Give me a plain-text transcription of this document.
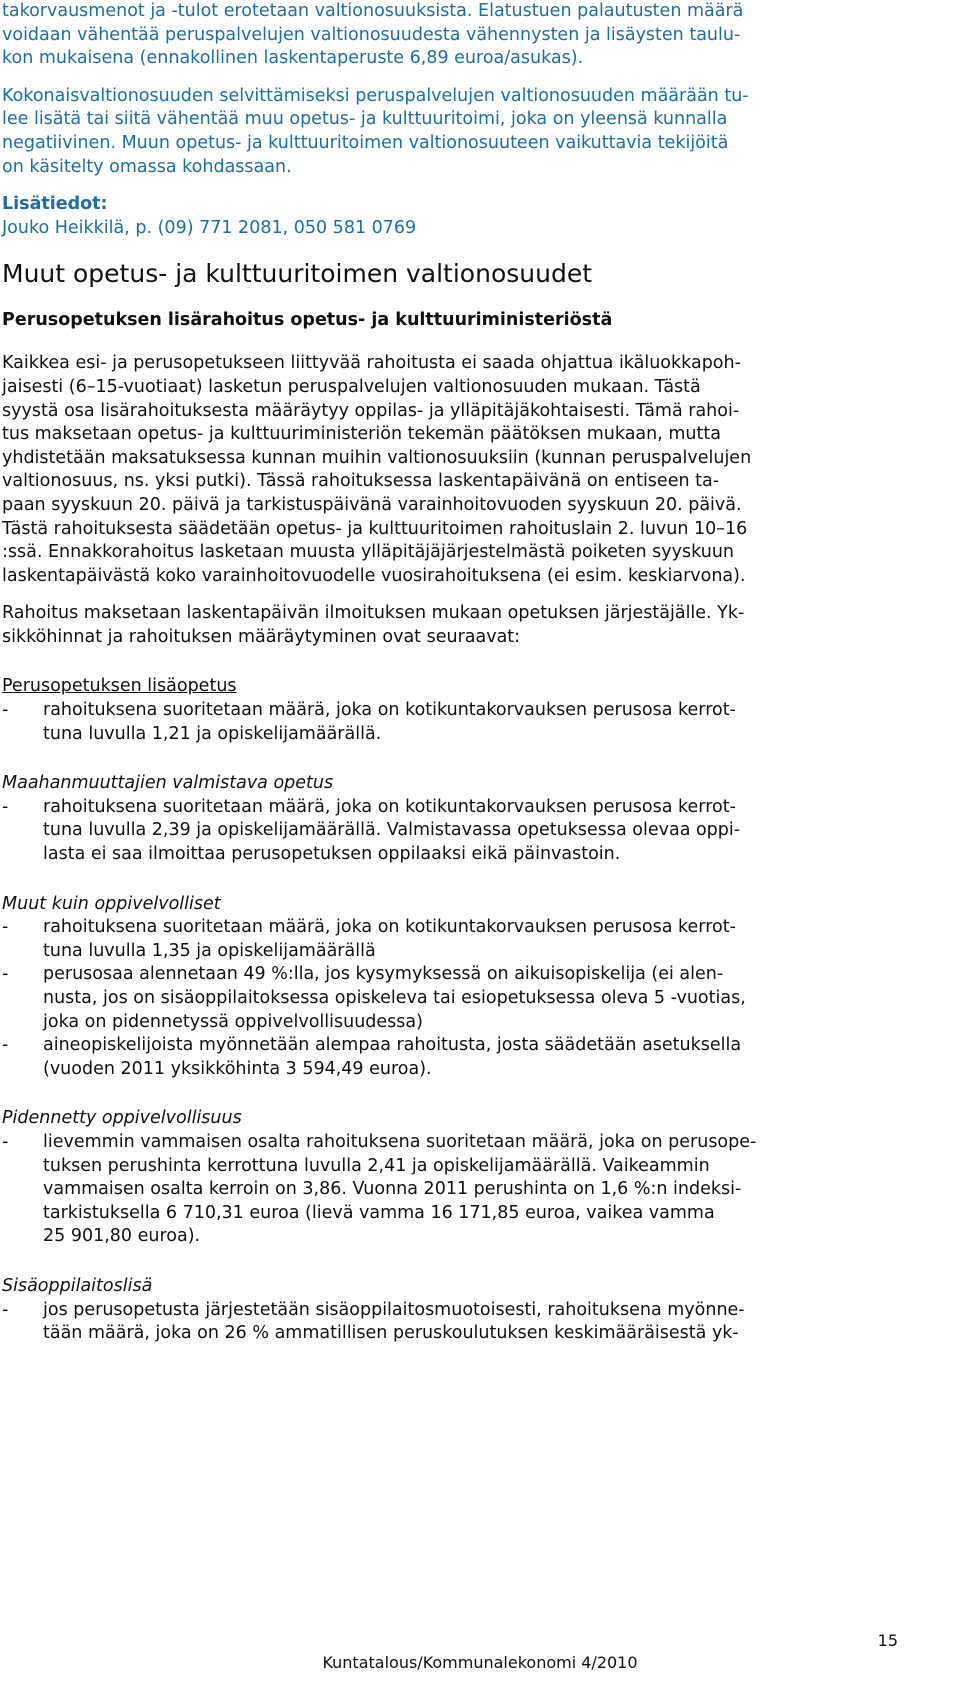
takorvausmenot ja -tulot erotetaan valtionosuuksista. Elatustuen palautusten määrä
voidaan vähentää peruspalvelujen valtionosuudesta vähennysten ja lisäysten taulu-
kon mukaisena (ennakollinen laskentaperuste 6,89 euroa/asukas).
Kokonaisvaltionosuuden selvittämiseksi peruspalvelujen valtionosuuden määrään tu-
lee lisätä tai siitä vähentää muu opetus- ja kulttuuritoimi, joka on yleensä kunnalla
negatiivinen. Muun opetus- ja kulttuuritoimen valtionosuuteen vaikuttavia tekijöitä
on käsitelty omassa kohdassaan.
Lisätiedot:
Jouko Heikkilä, p. (09) 771 2081, 050 581 0769
Muut opetus- ja kulttuuritoimen valtionosuudet
Perusopetuksen lisärahoitus opetus- ja kulttuuriministeriöstä
Kaikkea esi- ja perusopetukseen liittyvää rahoitusta ei saada ohjattua ikäluokkapoh-
jaisesti (6–15-vuotiaat) lasketun peruspalvelujen valtionosuuden mukaan. Tästä
syystä osa lisärahoituksesta määräytyy oppilas- ja ylläpitäjäkohtaisesti. Tämä rahoi-
tus maksetaan opetus- ja kulttuuriministeriön tekemän päätöksen mukaan, mutta
yhdistetään maksatuksessa kunnan muihin valtionosuuksiin (kunnan peruspalvelujen
valtionosuus, ns. yksi putki). Tässä rahoituksessa laskentapäivänä on entiseen ta-
paan syyskuun 20. päivä ja tarkistuspäivänä varainhoitovuoden syyskuun 20. päivä.
Tästä rahoituksesta säädetään opetus- ja kulttuuritoimen rahoituslain 2. luvun 10–16
:ssä. Ennakkorahoitus lasketaan muusta ylläpitäjäjärjestelmästä poiketen syyskuun
laskentapäivästä koko varainhoitovuodelle vuosirahoituksena (ei esim. keskiarvona).
Rahoitus maksetaan laskentapäivän ilmoituksen mukaan opetuksen järjestäjälle. Yk-
sikköhinnat ja rahoituksen määräytyminen ovat seuraavat:
Perusopetuksen lisäopetus
- rahoituksena suoritetaan määrä, joka on kotikuntakorvauksen perusosa kerrot-
tuna luvulla 1,21 ja opiskelijamäärällä.
Maahanmuuttajien valmistava opetus
- rahoituksena suoritetaan määrä, joka on kotikuntakorvauksen perusosa kerrot-
tuna luvulla 2,39 ja opiskelijamäärällä. Valmistavassa opetuksessa olevaa oppi-
lasta ei saa ilmoittaa perusopetuksen oppilaaksi eikä päinvastoin.
Muut kuin oppivelvolliset
- rahoituksena suoritetaan määrä, joka on kotikuntakorvauksen perusosa kerrot-
tuna luvulla 1,35 ja opiskelijamäärällä
- perusosaa alennetaan 49 %:lla, jos kysymyksessä on aikuisopiskelija (ei alen-
nusta, jos on sisäoppilaitoksessa opiskeleva tai esiopetuksessa oleva 5 -vuotias,
joka on pidennetyssä oppivelvollisuudessa)
- aineopiskelijoista myönnetään alempaa rahoitusta, josta säädetään asetuksella
(vuoden 2011 yksikköhinta 3 594,49 euroa).
Pidennetty oppivelvollisuus
- lievemmin vammaisen osalta rahoituksena suoritetaan määrä, joka on perusope-
tuksen perushinta kerrottuna luvulla 2,41 ja opiskelijamäärällä. Vaikeammin
vammaisen osalta kerroin on 3,86. Vuonna 2011 perushinta on 1,6 %:n indeksi-
tarkistuksella 6 710,31 euroa (lievä vamma 16 171,85 euroa, vaikea vamma
25 901,80 euroa).
Sisäoppilaitoslisä
- jos perusopetusta järjestetään sisäoppilaitosmuotoisesti, rahoituksena myönne-
tään määrä, joka on 26 % ammatillisen peruskoulutuksen keskimääräisestä yk-
15
Kuntatalous/Kommunalekonomi 4/2010
